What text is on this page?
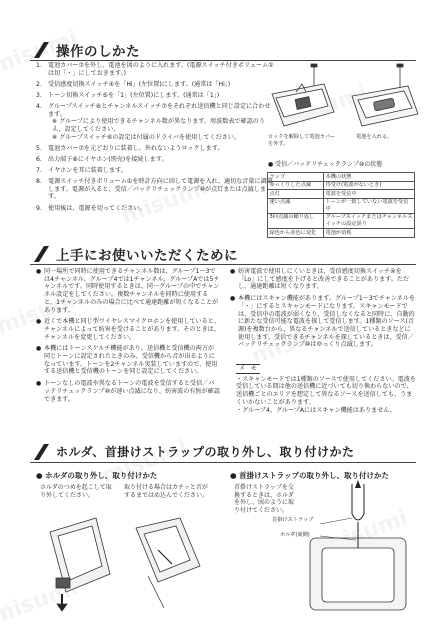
操作のしかた
1. 電池カバー⑦を外し、電池を図のように入れます。(電源スイッチ付きボリューム①は切「・」にしておきます。)
2. 受信感度切換スイッチ④を「Hi」(左位置)にします。(通常は「Hi」)
3. トーン切換スイッチ⑤を「1」(左位置)にします。(通常は「1」)
4. グループスイッチ⑥とチャンネルスイッチ⑦をそれぞれ送信機と同じ設定に合わせます。
※ グループにより使用できるチャンネル数が異なります。周波数表で確認のうえ、設定してください。
※ グループスイッチ⑥の設定は付属のドライバを使用してください。
5. 電池カバー⑦を元どおりに装着し、外れないようロックします。
6. 出力端子⑧にイヤホン(別売)を接続します。
7. イヤホンを耳に装着します。
8. 電源スイッチ付きボリューム①を時計方向に回して電源を入れ、適切な音量に調節します。電源が入ると、受信／バッテリチェックランプ⑩が点灯または点滅します。
9. 使用後は、電源を切ってください。
ロックを解除して電池カバーを外す。
電池を入れる。
● 受信／バッテリチェックランプ⑩の状態
ランプ	本機の状態
ゆっくりした点滅	待受け(電波がないとき)
点灯	電波を受信中
速い点滅	トーンが一致していない電波を受信中
3回点滅の繰り返し	グループスイッチまたはチャンネルスイッチの設定誤り
緑色から赤色に変化	電池が消耗
上手にお使いいただくために
● 同一場所で同時に使用できるチャンネル数は、グループ1〜3では4チャンネル、グループ4では1チャンネル、グループAでは5チャンネルです。同時使用するときは、同一グループの中でチャンネル設定をしてください。複数チャンネルを同時に使用すると、1チャンネルのみの場合に比べて通達距離が短くなることがあります。
● 近くで本機と同じ型ワイヤレスマイクロホンを使用していると、チャンネルによって妨害を受けることがあります。そのときは、チャンネルを変更してください。
● 本機にはトーンスケルチ機能があり、送信機と受信機の両方が同じトーンに設定されたときのみ、受信機から音が出るようになっています。トーンを2チャンネル実装していますので、使用する送信機と受信機のトーンを同じ設定にしてください。
● トーンなしの電波や異なるトーンの電波を受信すると受信／バッテリチェックランプ⑩が速い点滅になり、妨害波の有無が確認できます。
● 妨害電波で使用しにくいときは、受信感度切換スイッチ④を「Lo」にして感度を下げると改善できることがあります。ただし、通達距離は短くなります。
● 本機にはスキャン機能があります。グループ1〜3でチャンネルを「・」にするとスキャンモードになります。スキャンモードでは、受信中の電波が弱くなり、受信しなくなると同時に、自動的に新たな受信可能な電波を探して受信します。1種類のソース(音源)を複数台から、異なるチャンネルで送信しているときなどに使用します。受信できるチャンネルを探しているときは、受信／バッテリチェックランプ⑩はゆっくり点滅します。
メ　モ
・スキャンモードでは1種類のソースで使用してください。電波を受信している間は他の送信機に近づいても切り換わらないので、送信機ごとのエリアを想定して異なるソースを送信しても、うまくいかないことがあります。
・グループ4、グループAにはスキャン機能はありません。
ホルダ、首掛けストラップの取り外し、取り付けかた
● ホルダの取り外し、取り付けかた
ホルダのつめを起こして取り外してください。
取り付ける場合はカチッと音がするまではめ込んでください。
● 首掛けストラップの取り外し、取り付けかた
首掛けストラップを交換するときは、ホルダを外し、図のように取り付けてください。
首掛けストラップ
ホルダ(裏側)
